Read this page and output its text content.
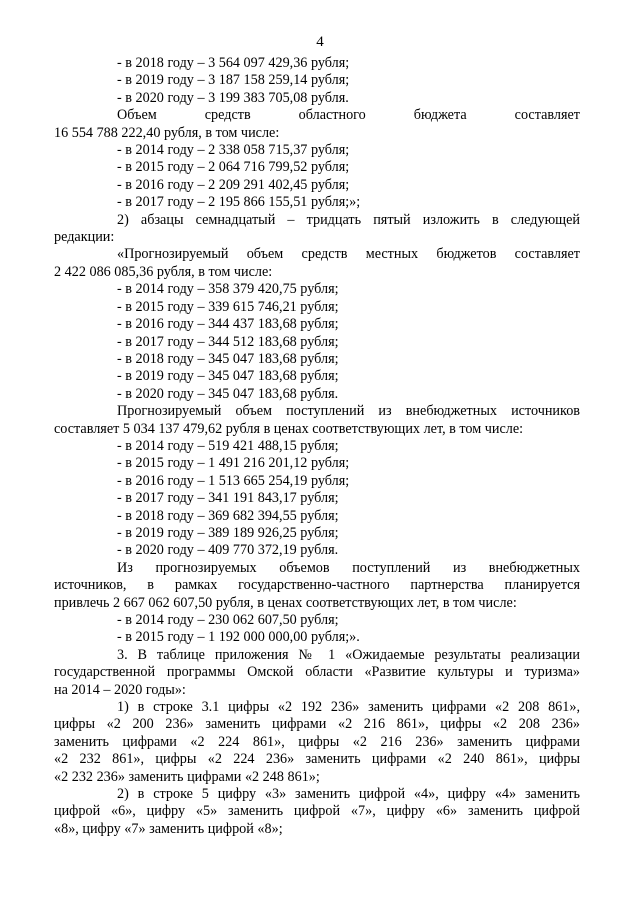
4
- в 2018 году – 3 564 097 429,36 рубля;
- в 2019 году – 3 187 158 259,14 рубля;
- в 2020 году – 3 199 383 705,08 рубля.
Объем средств областного бюджета составляет
16 554 788 222,40 рубля, в том числе:
- в 2014 году – 2 338 058 715,37 рубля;
- в 2015 году – 2 064 716 799,52 рубля;
- в 2016 году – 2 209 291 402,45 рубля;
- в 2017 году – 2 195 866 155,51 рубля;»;
2) абзацы семнадцатый – тридцать пятый изложить в следующей
редакции:
«Прогнозируемый объем средств местных бюджетов составляет
2 422 086 085,36 рубля, в том числе:
- в 2014 году – 358 379 420,75 рубля;
- в 2015 году – 339 615 746,21 рубля;
- в 2016 году – 344 437 183,68 рубля;
- в 2017 году – 344 512 183,68 рубля;
- в 2018 году – 345 047 183,68 рубля;
- в 2019 году – 345 047 183,68 рубля;
- в 2020 году – 345 047 183,68 рубля.
Прогнозируемый объем поступлений из внебюджетных источников
составляет 5 034 137 479,62 рубля в ценах соответствующих лет, в том числе:
- в 2014 году – 519 421 488,15 рубля;
- в 2015 году – 1 491 216 201,12 рубля;
- в 2016 году – 1 513 665 254,19 рубля;
- в 2017 году – 341 191 843,17 рубля;
- в 2018 году – 369 682 394,55 рубля;
- в 2019 году – 389 189 926,25 рубля;
- в 2020 году – 409 770 372,19 рубля.
Из прогнозируемых объемов поступлений из внебюджетных
источников, в рамках государственно-частного партнерства планируется
привлечь 2 667 062 607,50 рубля, в ценах соответствующих лет, в том числе:
- в 2014 году – 230 062 607,50 рубля;
- в 2015 году – 1 192 000 000,00 рубля;».
3. В таблице приложения № 1 «Ожидаемые результаты реализации
государственной программы Омской области «Развитие культуры и туризма»
на 2014 – 2020 годы»:
1) в строке 3.1 цифры «2 192 236» заменить цифрами «2 208 861»,
цифры «2 200 236» заменить цифрами «2 216 861», цифры «2 208 236»
заменить цифрами «2 224 861», цифры «2 216 236» заменить цифрами
«2 232 861», цифры «2 224 236» заменить цифрами «2 240 861», цифры
«2 232 236» заменить цифрами «2 248 861»;
2) в строке 5 цифру «3» заменить цифрой «4», цифру «4» заменить
цифрой «6», цифру «5» заменить цифрой «7», цифру «6» заменить цифрой
«8», цифру «7» заменить цифрой «8»;
